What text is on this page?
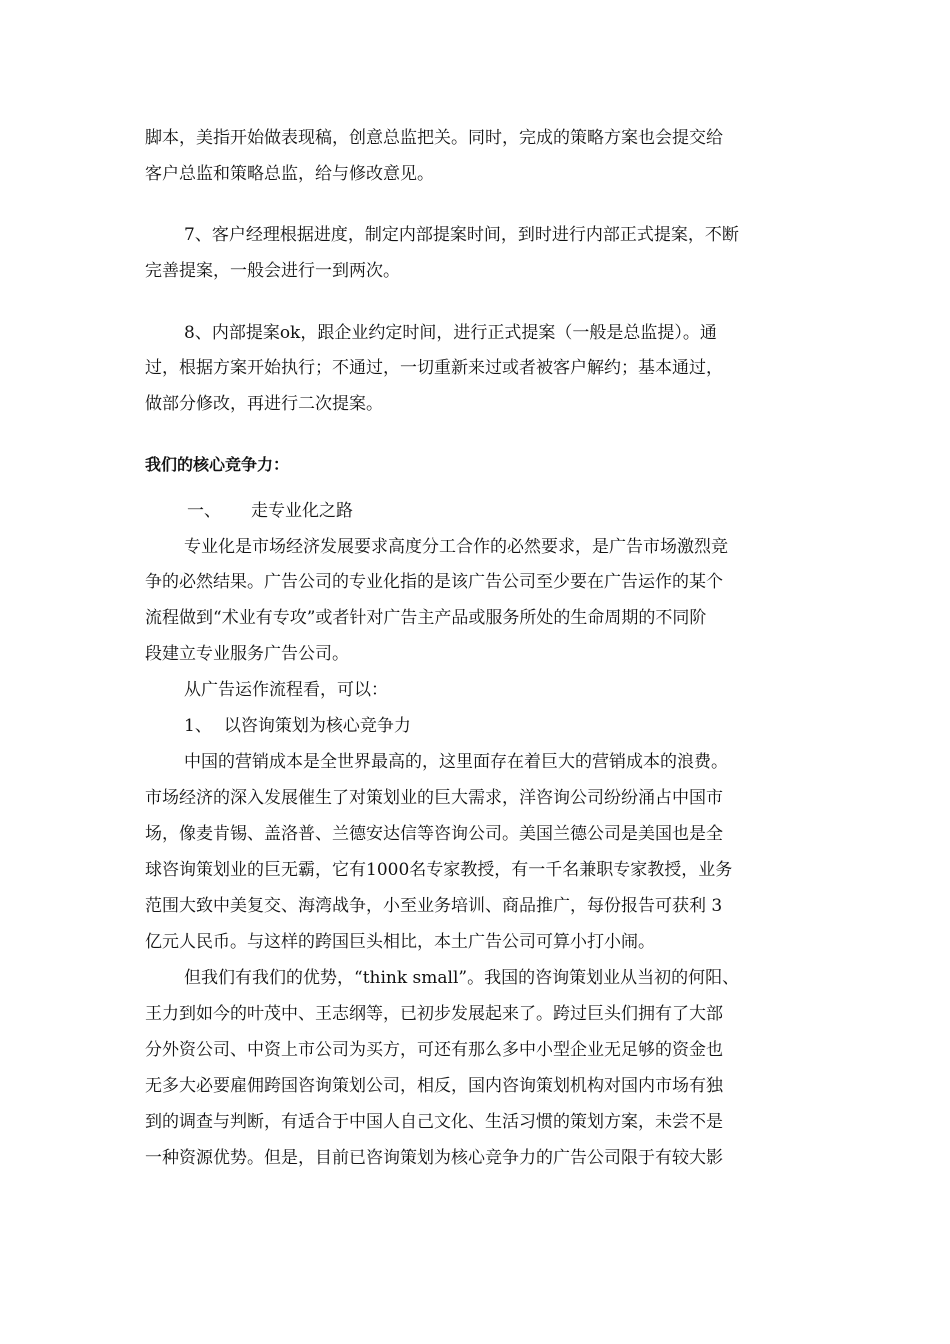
脚本，美指开始做表现稿，创意总监把关。同时，完成的策略方案也会提交给
客户总监和策略总监，给与修改意见。
7、客户经理根据进度，制定内部提案时间，到时进行内部正式提案，不断
完善提案，一般会进行一到两次。
8、内部提案ok，跟企业约定时间，进行正式提案（一般是总监提）。通
过，根据方案开始执行；不通过，一切重新来过或者被客户解约；基本通过，
做部分修改，再进行二次提案。
我们的核心竞争力：
一、 走专业化之路
专业化是市场经济发展要求高度分工合作的必然要求，是广告市场激烈竞
争的必然结果。广告公司的专业化指的是该广告公司至少要在广告运作的某个
流程做到“术业有专攻”或者针对广告主产品或服务所处的生命周期的不同阶
段建立专业服务广告公司。
从广告运作流程看，可以：
1、 以咨询策划为核心竞争力
中国的营销成本是全世界最高的，这里面存在着巨大的营销成本的浪费。
市场经济的深入发展催生了对策划业的巨大需求，洋咨询公司纷纷涌占中国市
场，像麦肯锡、盖洛普、兰德安达信等咨询公司。美国兰德公司是美国也是全
球咨询策划业的巨无霸，它有1000名专家教授，有一千名兼职专家教授，业务
范围大致中美复交、海湾战争，小至业务培训、商品推广，每份报告可获利 3
亿元人民币。与这样的跨国巨头相比，本土广告公司可算小打小闹。
但我们有我们的优势，“think small”。我国的咨询策划业从当初的何阳、
王力到如今的叶茂中、王志纲等，已初步发展起来了。跨过巨头们拥有了大部
分外资公司、中资上市公司为买方，可还有那么多中小型企业无足够的资金也
无多大必要雇佣跨国咨询策划公司，相反，国内咨询策划机构对国内市场有独
到的调查与判断，有适合于中国人自己文化、生活习惯的策划方案，未尝不是
一种资源优势。但是，目前已咨询策划为核心竞争力的广告公司限于有较大影
